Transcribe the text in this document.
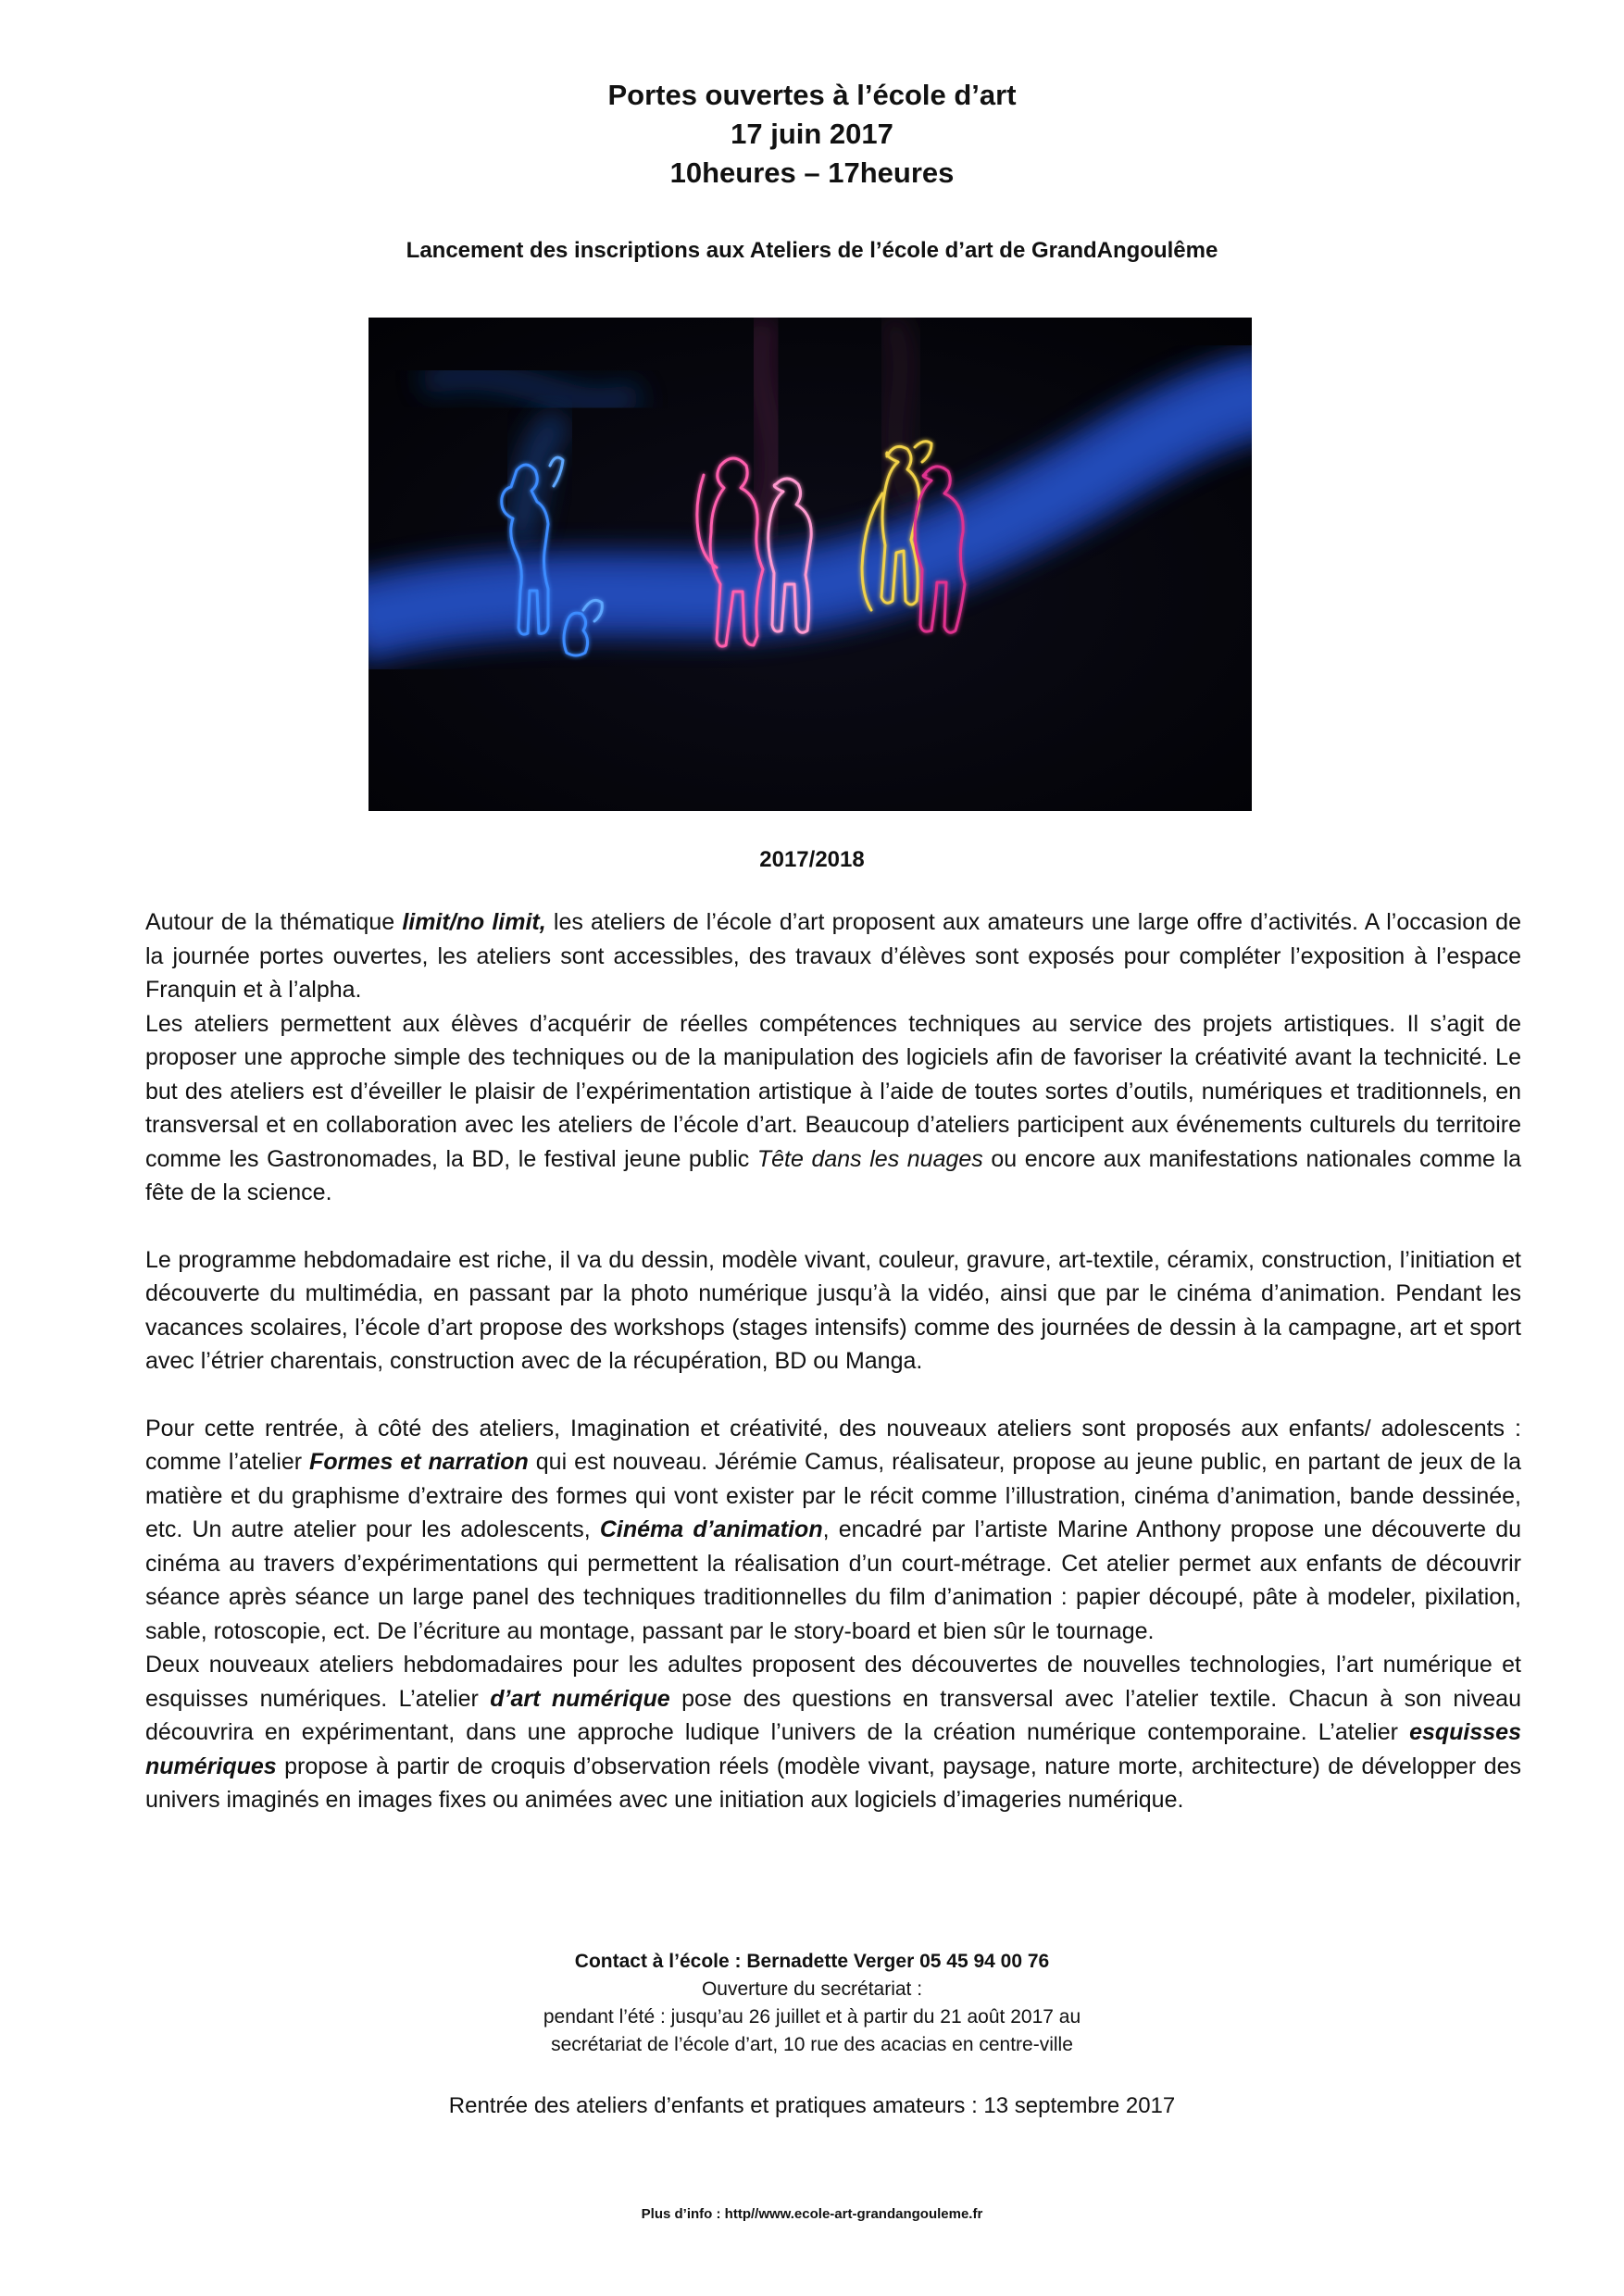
Portes ouvertes à l’école d’art
17 juin 2017
10heures – 17heures
Lancement des inscriptions aux Ateliers de l’école d’art de GrandAngoulême
2017/2018

Autour de la thématique limit/no limit, les ateliers de l’école d’art proposent aux amateurs une large offre d’activités. A l’occasion de la journée portes ouvertes, les ateliers sont accessibles, des travaux d’élèves sont exposés pour compléter l’exposition à l’espace Franquin et à l’alpha.

Les ateliers permettent aux élèves d’acquérir de réelles compétences techniques au service des projets artistiques. Il s’agit de proposer une approche simple des techniques ou de la manipulation des logiciels afin de favoriser la créativité avant la technicité. Le but des ateliers est d’éveiller le plaisir de l’expérimentation artistique à l’aide de toutes sortes d’outils, numériques et traditionnels, en transversal et en collaboration avec les ateliers de l’école d’art. Beaucoup d’ateliers participent aux événements culturels du territoire comme les Gastronomades, la BD, le festival jeune public Tête dans les nuages ou encore aux manifestations nationales comme la fête de la science.

Le programme hebdomadaire est riche, il va du dessin, modèle vivant, couleur, gravure, art-textile, céramix, construction, l’initiation et découverte du multimédia, en passant par la photo numérique jusqu’à la vidéo, ainsi que par le cinéma d’animation. Pendant les vacances scolaires, l’école d’art propose des workshops (stages intensifs) comme des journées de dessin à la campagne, art et sport avec l’étrier charentais, construction avec de la récupération, BD ou Manga.

Pour cette rentrée, à côté des ateliers, Imagination et créativité, des nouveaux ateliers sont proposés aux enfants/ adolescents : comme l’atelier Formes et narration qui est nouveau. Jérémie Camus, réalisateur, propose au jeune public, en partant de jeux de la matière et du graphisme d’extraire des formes qui vont exister par le récit comme l’illustration, cinéma d’animation, bande dessinée, etc. Un autre atelier pour les adolescents, Cinéma d’animation, encadré par l’artiste Marine Anthony propose une découverte du cinéma au travers d’expérimentations qui permettent la réalisation d’un court-métrage. Cet atelier permet aux enfants de découvrir séance après séance un large panel des techniques traditionnelles du film d’animation : papier découpé, pâte à modeler, pixilation, sable, rotoscopie, ect. De l’écriture au montage, passant par le story-board et bien sûr le tournage.

Deux nouveaux ateliers hebdomadaires pour les adultes proposent des découvertes de nouvelles technologies, l’art numérique et esquisses numériques. L’atelier d’art numérique pose des questions en transversal avec l’atelier textile. Chacun à son niveau découvrira en expérimentant, dans une approche ludique l’univers de la création numérique contemporaine. L’atelier esquisses numériques propose à partir de croquis d’observation réels (modèle vivant, paysage, nature morte, architecture) de développer des univers imaginés en images fixes ou animées avec une initiation aux logiciels d’imageries numérique.

Contact à l’école : Bernadette Verger 05 45 94 00 76
Ouverture du secrétariat :
pendant l’été : jusqu’au 26 juillet et à partir du 21 août 2017 au
secrétariat de l’école d’art, 10 rue des acacias en centre-ville
Rentrée des ateliers d’enfants et pratiques amateurs : 13 septembre 2017
Plus d’info : http//www.ecole-art-grandangouleme.fr
